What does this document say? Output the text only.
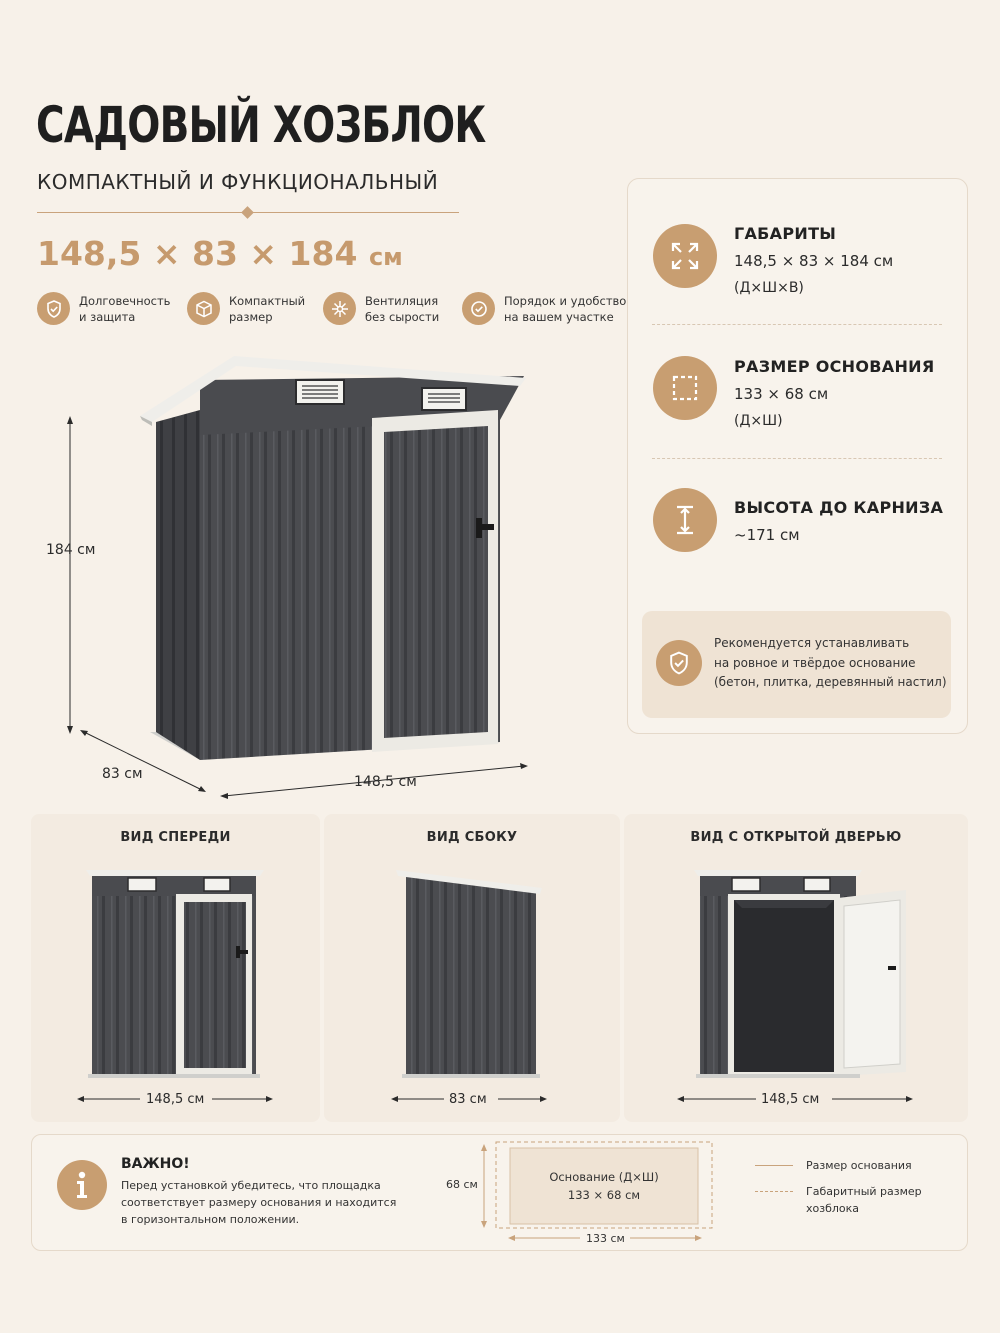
САДОВЫЙ ХОЗБЛОК
КОМПАКТНЫЙ И ФУНКЦИОНАЛЬНЫЙ
148,5 × 83 × 184 см
Долговечность
и защита
Компактный
размер
Вентиляция
без сырости
Порядок и удобство
на вашем участке
184 см
83 см	148,5 см
ГАБАРИТЫ
148,5 × 83 × 184 см
(Д×Ш×В)
РАЗМЕР ОСНОВАНИЯ
133 × 68 см
(Д×Ш)
ВЫСОТА ДО КАРНИЗА
~171 см
Рекомендуется устанавливать
на ровное и твёрдое основание
(бетон, плитка, деревянный настил)
ВИД СПЕРЕДИ	ВИД СБОКУ	ВИД С ОТКРЫТОЙ ДВЕРЬЮ
148,5 см	83 см	148,5 см
ВАЖНО!
Перед установкой убедитесь, что площадка
соответствует размеру основания и находится
в горизонтальном положении.
68 см
Основание (Д×Ш)
133 × 68 см
133 см
Размер основания
Габаритный размер
хозблока
